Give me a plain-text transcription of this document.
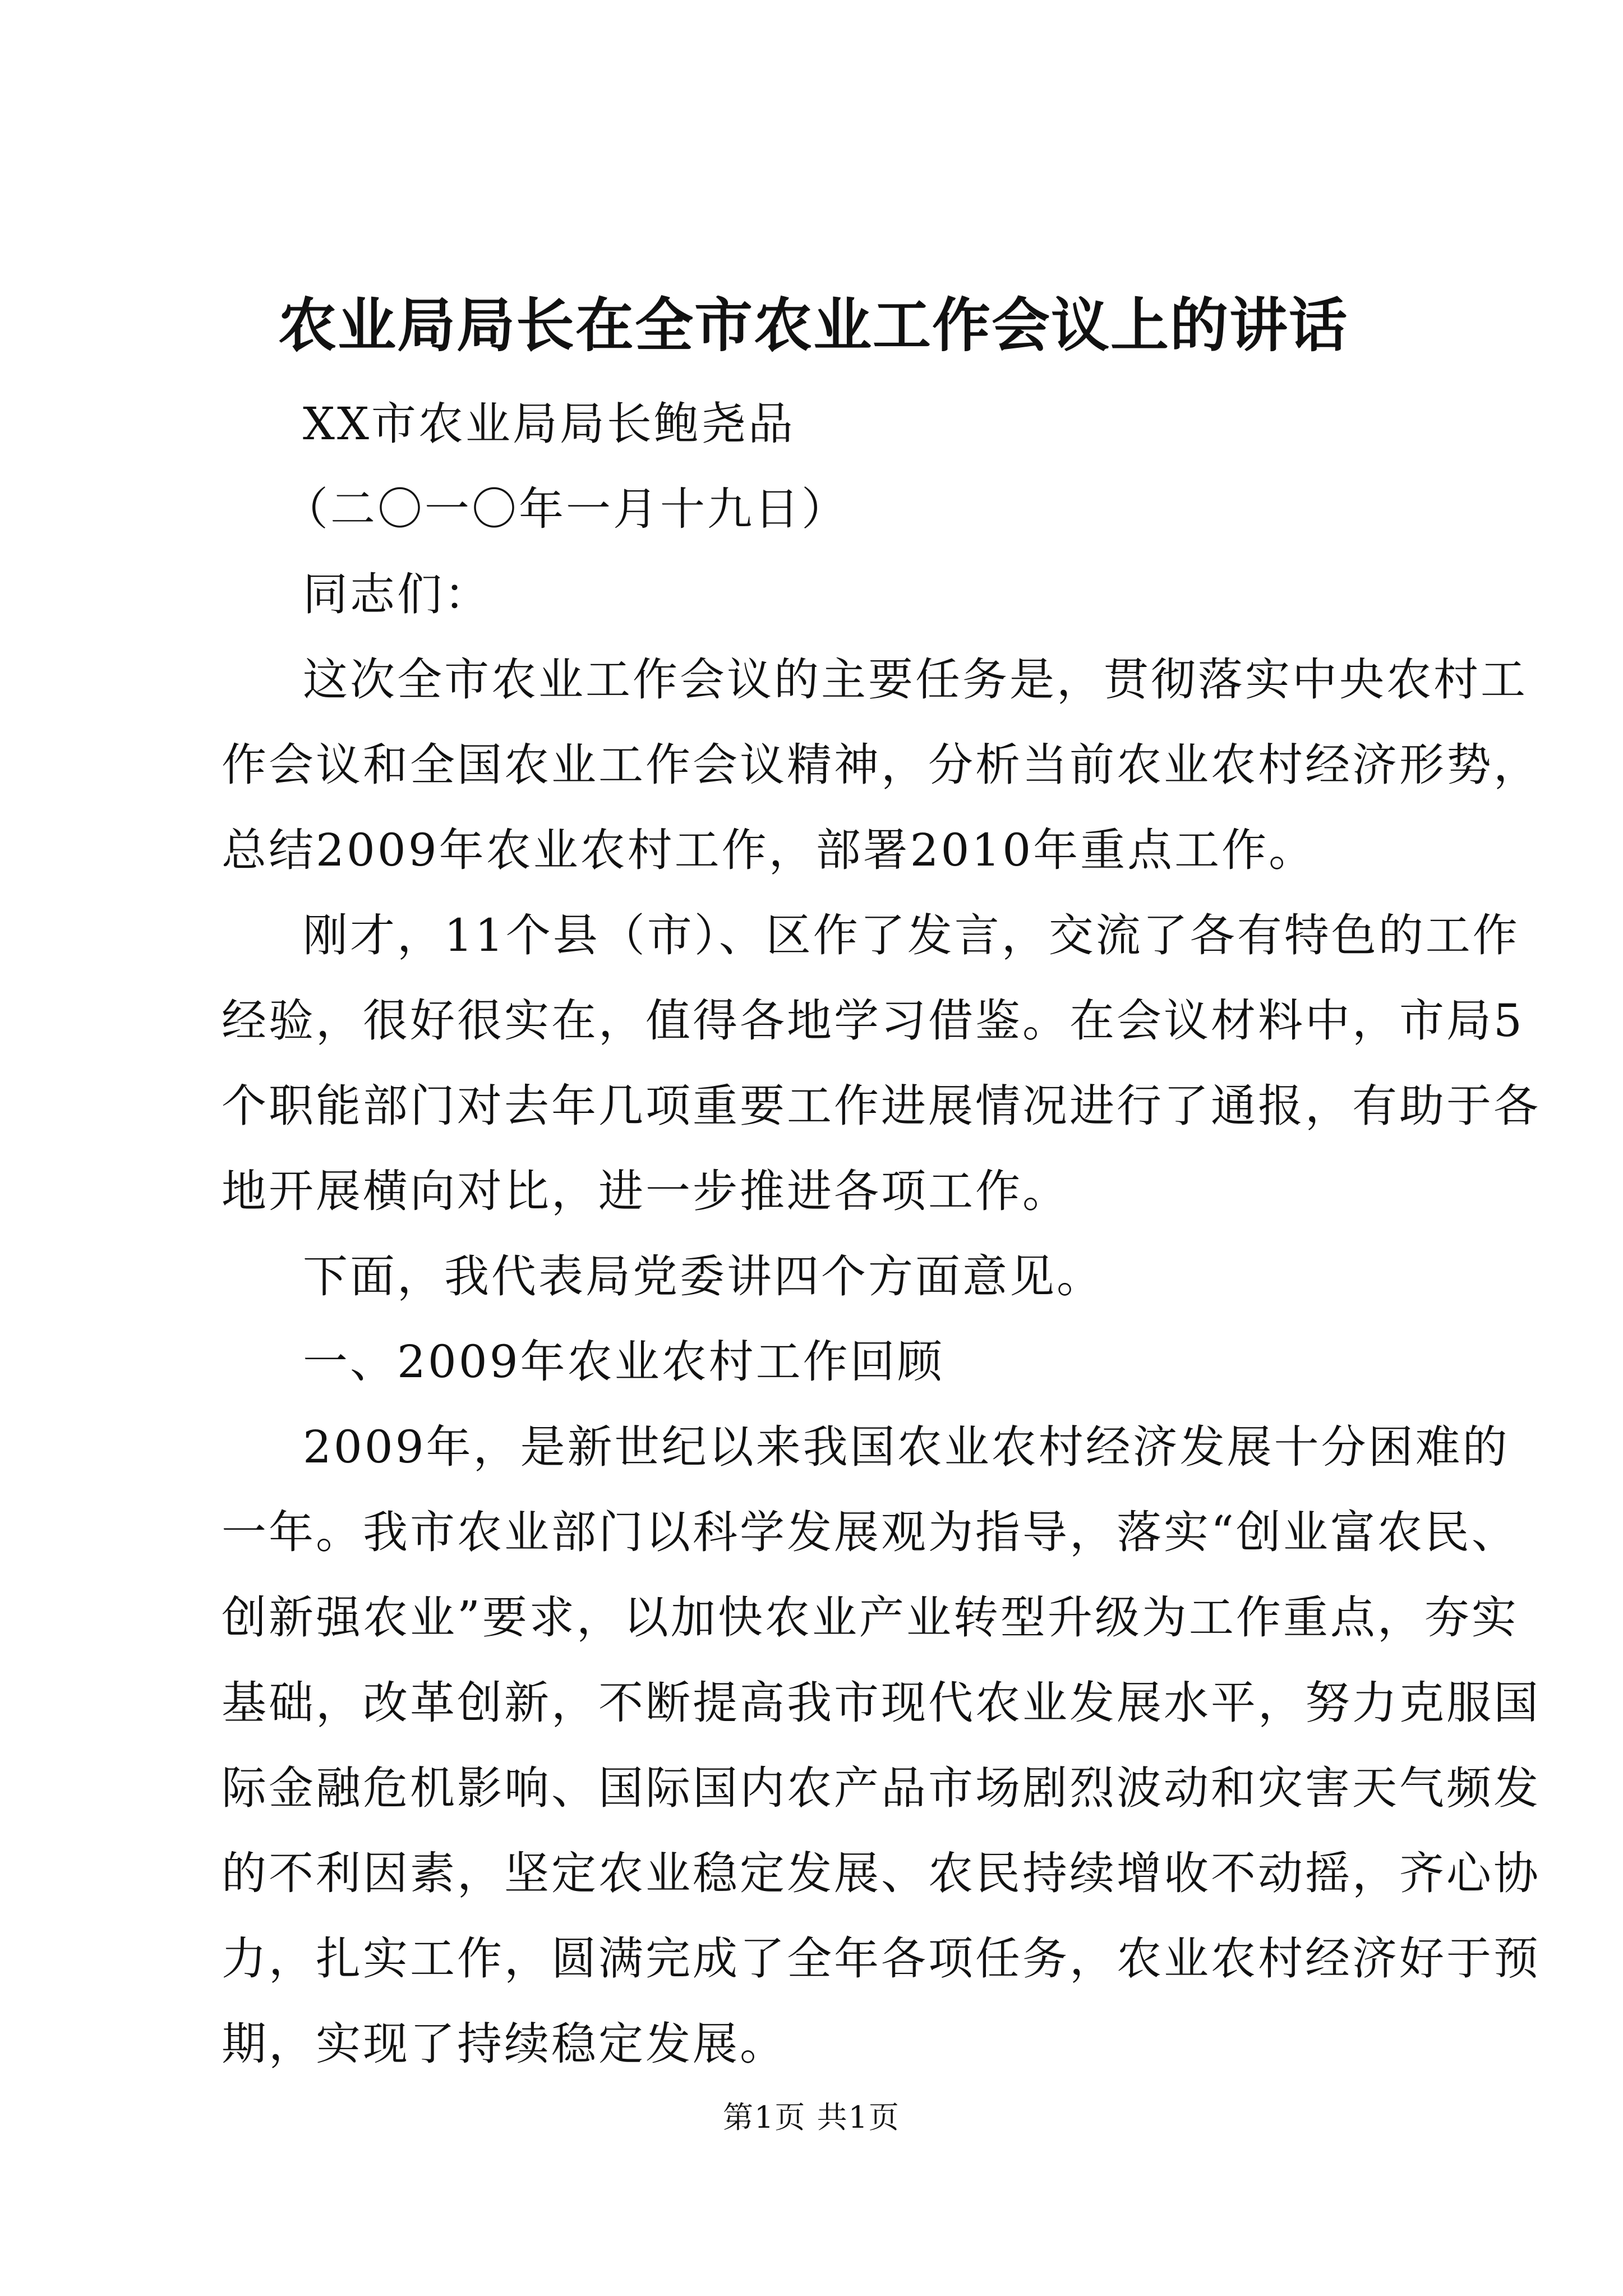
农业局局长在全市农业工作会议上的讲话
XX市农业局局长鲍尧品
（二〇一〇年一月十九日）
同志们：
这次全市农业工作会议的主要任务是，贯彻落实中央农村工
作会议和全国农业工作会议精神，分析当前农业农村经济形势，
总结2009年农业农村工作，部署2010年重点工作。
刚才，11个县（市）、区作了发言，交流了各有特色的工作
经验，很好很实在，值得各地学习借鉴。在会议材料中，市局5
个职能部门对去年几项重要工作进展情况进行了通报，有助于各
地开展横向对比，进一步推进各项工作。
下面，我代表局党委讲四个方面意见。
一、2009年农业农村工作回顾
2009年，是新世纪以来我国农业农村经济发展十分困难的
一年。我市农业部门以科学发展观为指导，落实“创业富农民、
创新强农业”要求，以加快农业产业转型升级为工作重点，夯实
基础，改革创新，不断提高我市现代农业发展水平，努力克服国
际金融危机影响、国际国内农产品市场剧烈波动和灾害天气频发
的不利因素，坚定农业稳定发展、农民持续增收不动摇，齐心协
力，扎实工作，圆满完成了全年各项任务，农业农村经济好于预
期，实现了持续稳定发展。
第1页 共1页
